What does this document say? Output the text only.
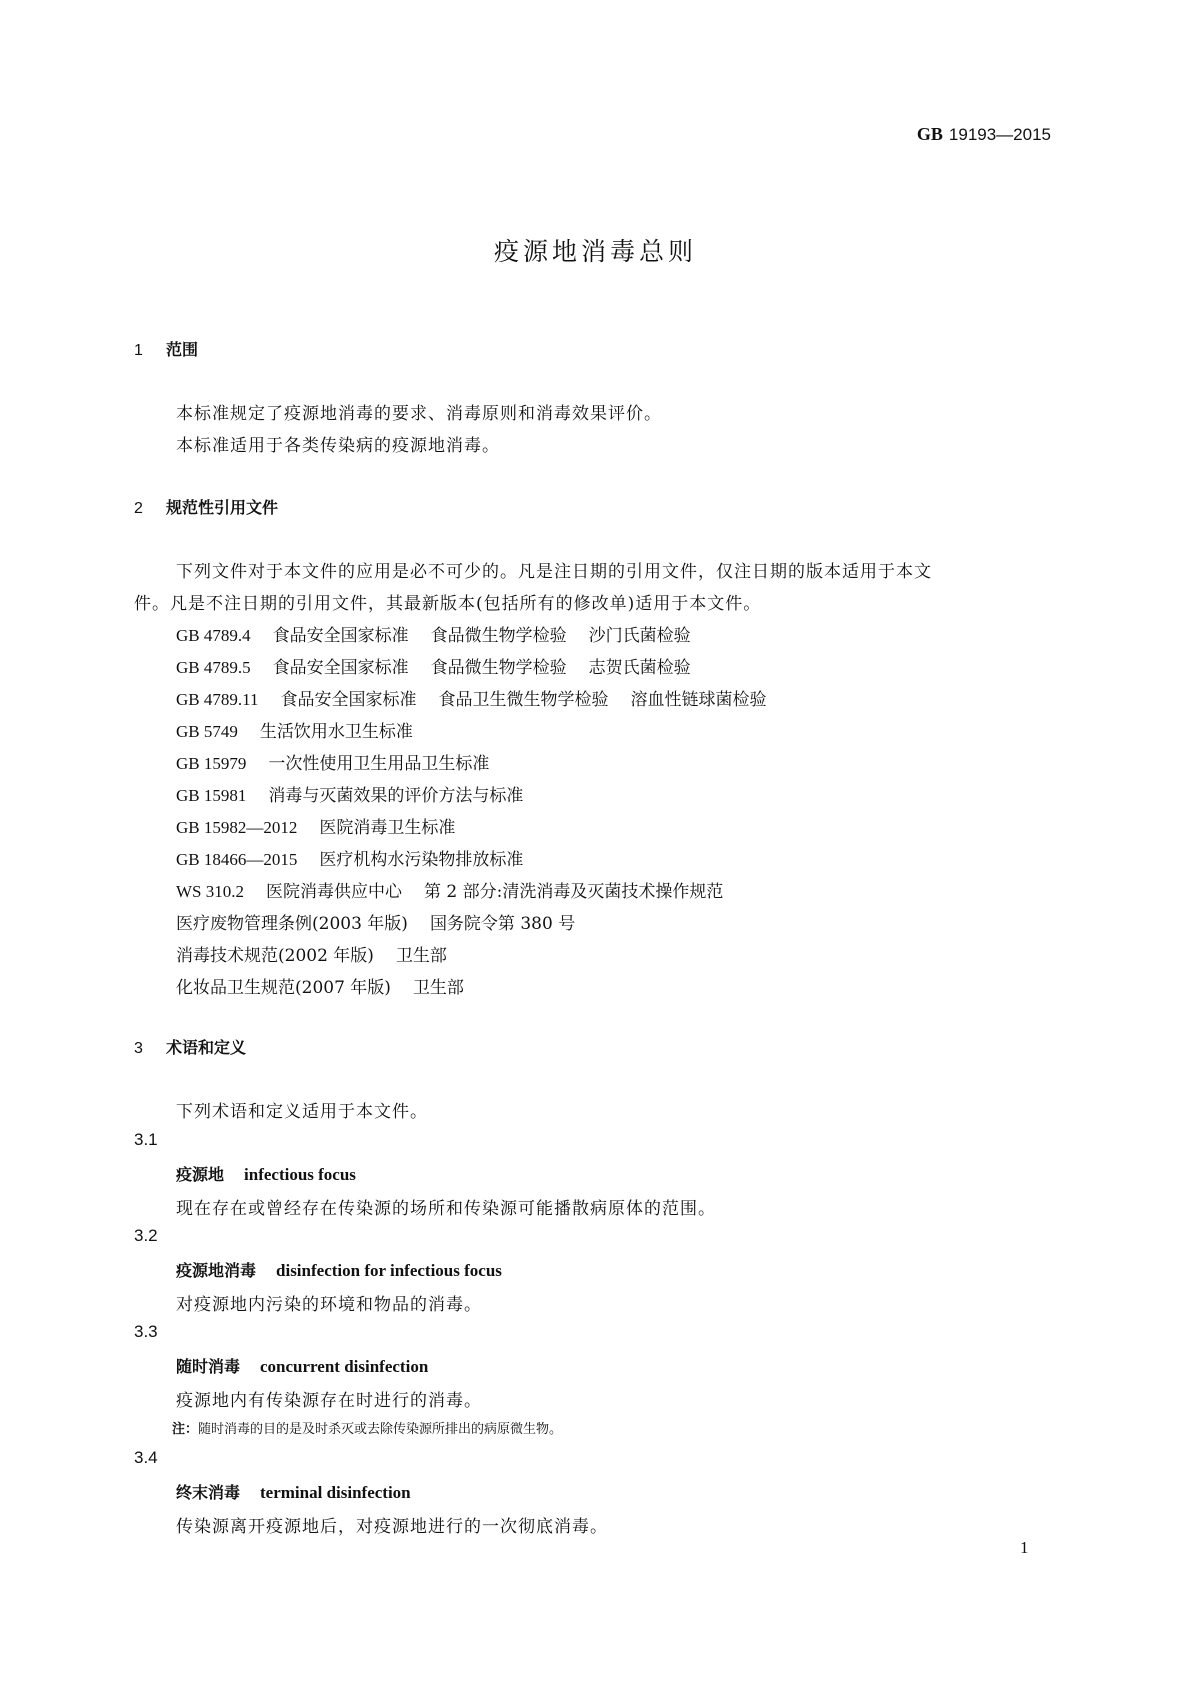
GB 19193—2015
疫源地消毒总则
1 范围
本标准规定了疫源地消毒的要求、消毒原则和消毒效果评价。
本标准适用于各类传染病的疫源地消毒。
2 规范性引用文件
下列文件对于本文件的应用是必不可少的。凡是注日期的引用文件，仅注日期的版本适用于本文
件。凡是不注日期的引用文件，其最新版本(包括所有的修改单)适用于本文件。
GB 4789.4 食品安全国家标准 食品微生物学检验 沙门氏菌检验
GB 4789.5 食品安全国家标准 食品微生物学检验 志贺氏菌检验
GB 4789.11 食品安全国家标准 食品卫生微生物学检验 溶血性链球菌检验
GB 5749 生活饮用水卫生标准
GB 15979 一次性使用卫生用品卫生标准
GB 15981 消毒与灭菌效果的评价方法与标准
GB 15982—2012 医院消毒卫生标准
GB 18466—2015 医疗机构水污染物排放标准
WS 310.2 医院消毒供应中心 第 2 部分:清洗消毒及灭菌技术操作规范
医疗废物管理条例(2003 年版) 国务院令第 380 号
消毒技术规范(2002 年版) 卫生部
化妆品卫生规范(2007 年版) 卫生部
3 术语和定义
下列术语和定义适用于本文件。
3.1
疫源地 infectious focus
现在存在或曾经存在传染源的场所和传染源可能播散病原体的范围。
3.2
疫源地消毒 disinfection for infectious focus
对疫源地内污染的环境和物品的消毒。
3.3
随时消毒 concurrent disinfection
疫源地内有传染源存在时进行的消毒。
注：随时消毒的目的是及时杀灭或去除传染源所排出的病原微生物。
3.4
终末消毒 terminal disinfection
传染源离开疫源地后，对疫源地进行的一次彻底消毒。
1
